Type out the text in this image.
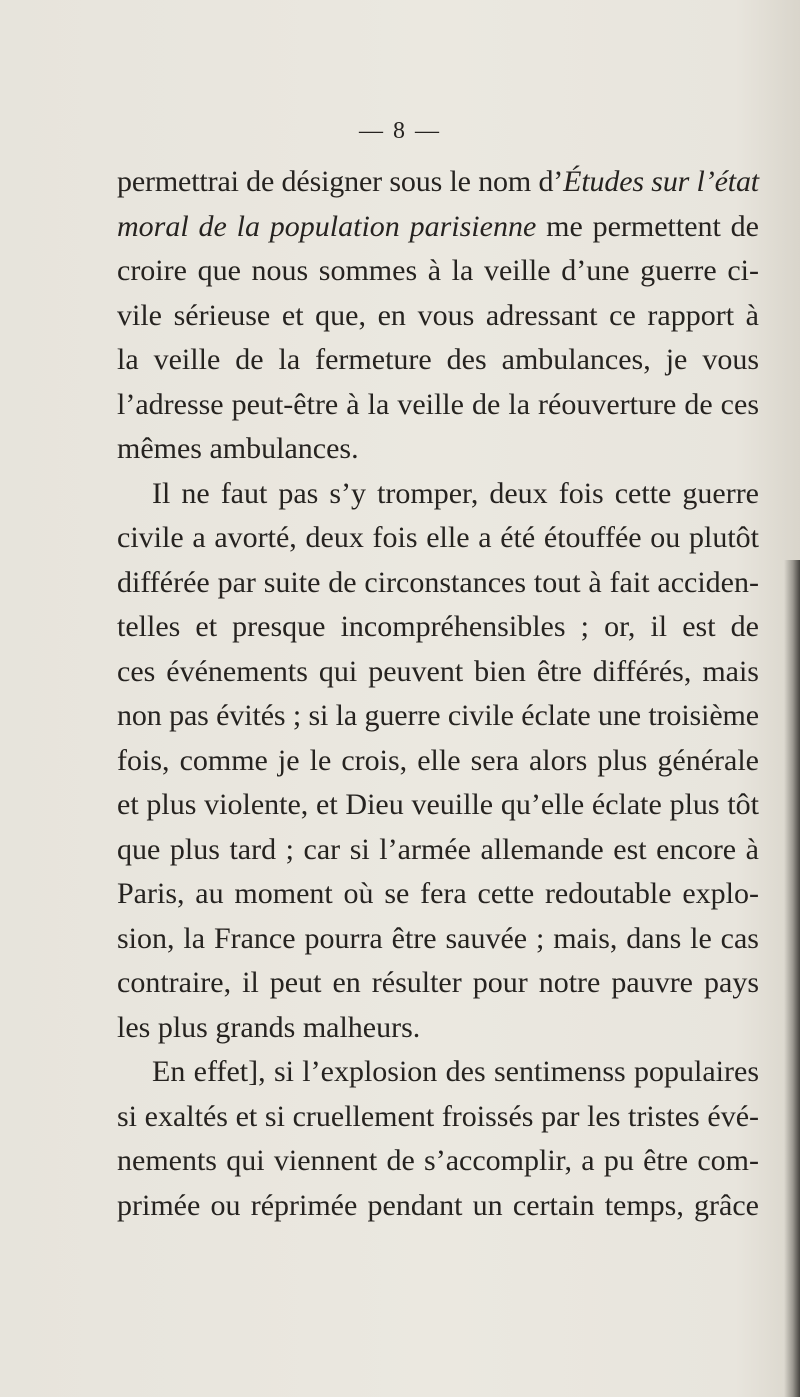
— 8 —
permettrai de désigner sous le nom d’Études sur l’état
moral de la population parisienne me permettent de
croire que nous sommes à la veille d’une guerre ci-
vile sérieuse et que, en vous adressant ce rapport à
la veille de la fermeture des ambulances, je vous
l’adresse peut-être à la veille de la réouverture de ces
mêmes ambulances.
Il ne faut pas s’y tromper, deux fois cette guerre
civile a avorté, deux fois elle a été étouffée ou plutôt
différée par suite de circonstances tout à fait acciden-
telles et presque incompréhensibles ; or, il est de
ces événements qui peuvent bien être différés, mais
non pas évités ; si la guerre civile éclate une troisième
fois, comme je le crois, elle sera alors plus générale
et plus violente, et Dieu veuille qu’elle éclate plus tôt
que plus tard ; car si l’armée allemande est encore à
Paris, au moment où se fera cette redoutable explo-
sion, la France pourra être sauvée ; mais, dans le cas
contraire, il peut en résulter pour notre pauvre pays
les plus grands malheurs.
En effet], si l’explosion des sentimenss populaires
si exaltés et si cruellement froissés par les tristes évé-
nements qui viennent de s’accomplir, a pu être com-
primée ou réprimée pendant un certain temps, grâce
